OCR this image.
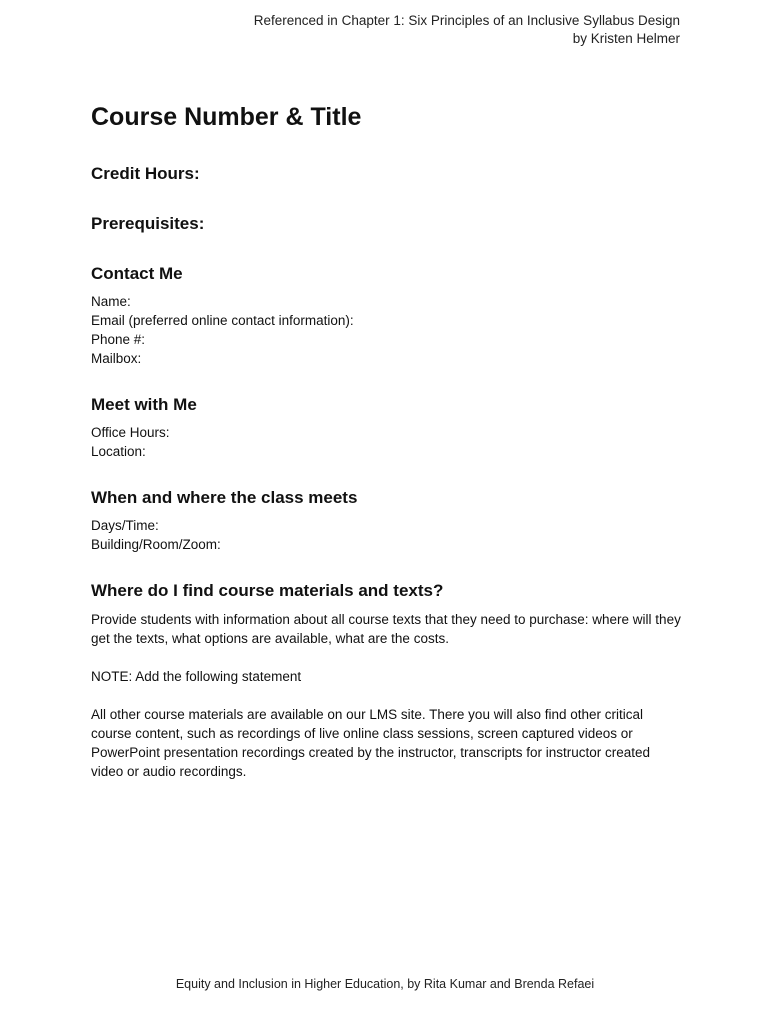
Referenced in Chapter 1: Six Principles of an Inclusive Syllabus Design
by Kristen Helmer
Course Number & Title
Credit Hours:
Prerequisites:
Contact Me
Name:
Email (preferred online contact information):
Phone #:
Mailbox:
Meet with Me
Office Hours:
Location:
When and where the class meets
Days/Time:
Building/Room/Zoom:
Where do I find course materials and texts?

Provide students with information about all course texts that they need to purchase: where will they get the texts, what options are available, what are the costs.

NOTE: Add the following statement

All other course materials are available on our LMS site. There you will also find other critical course content, such as recordings of live online class sessions, screen captured videos or PowerPoint presentation recordings created by the instructor, transcripts for instructor created video or audio recordings.

Equity and Inclusion in Higher Education, by Rita Kumar and Brenda Refaei
